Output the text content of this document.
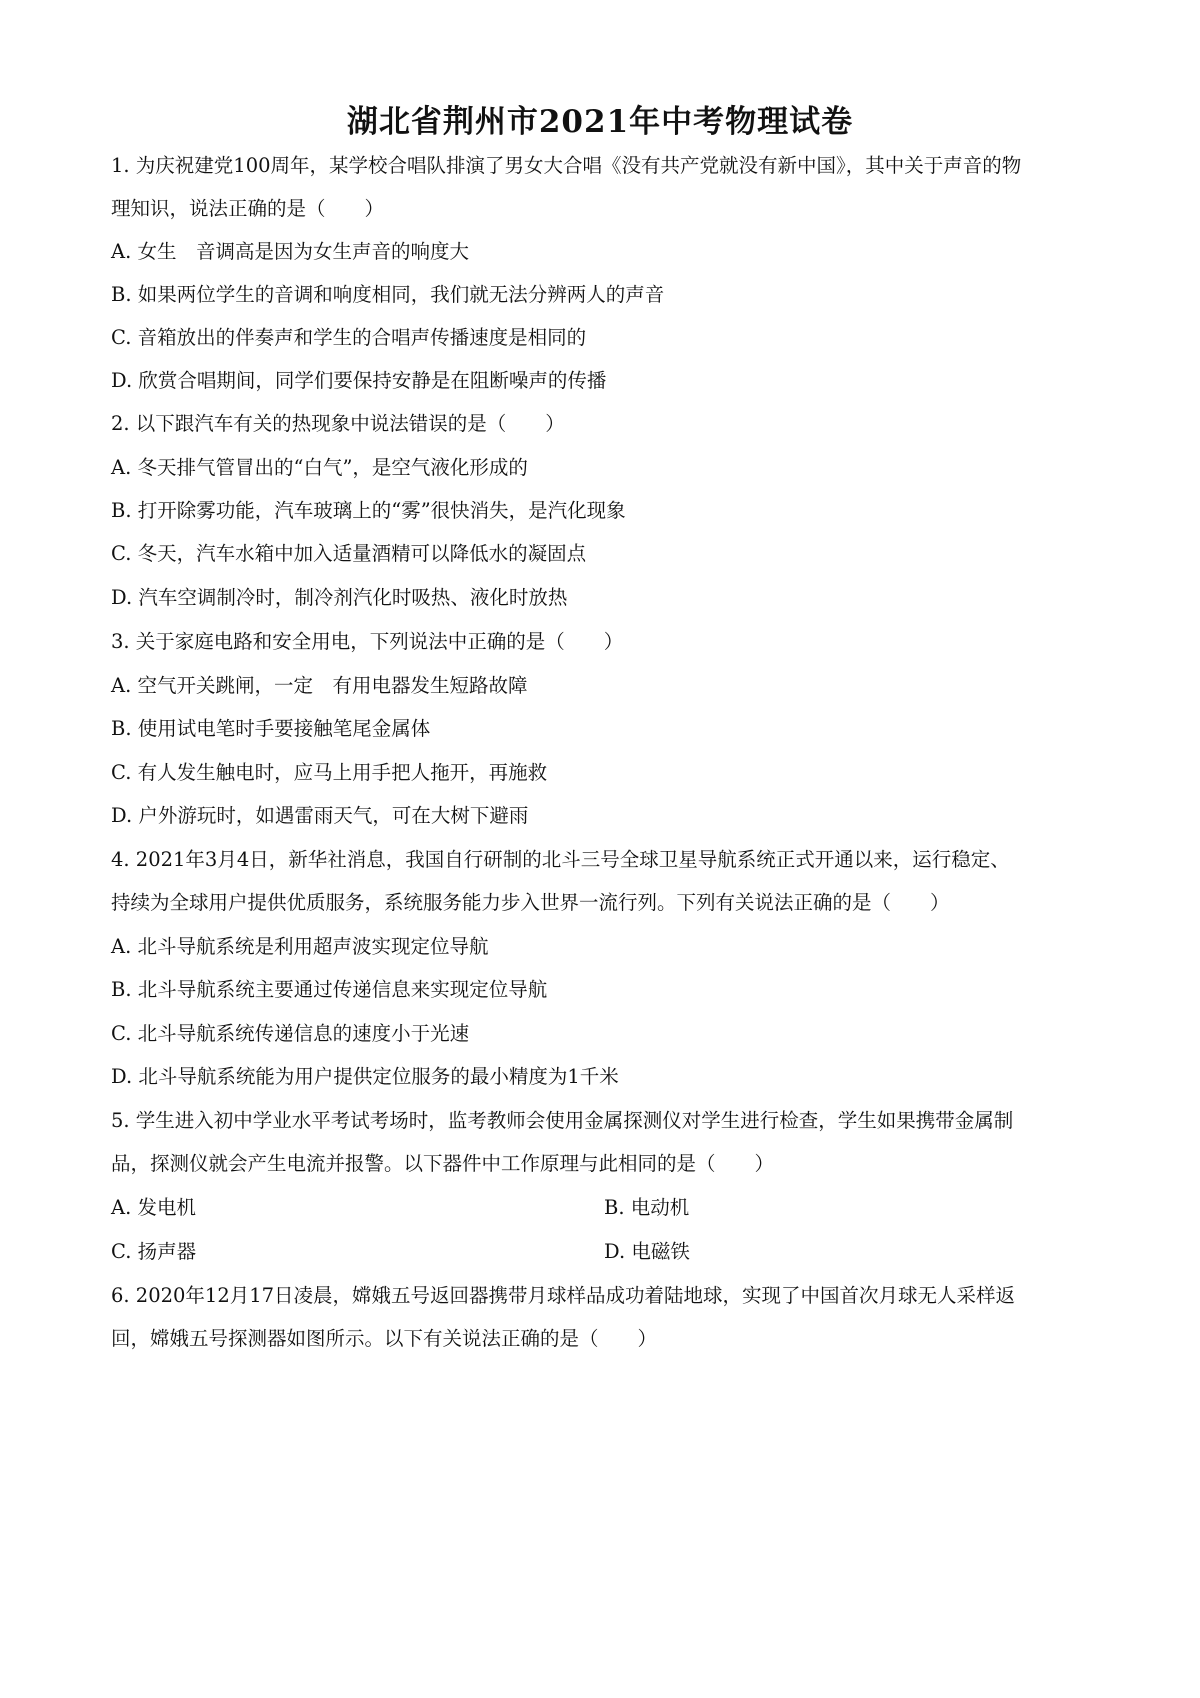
湖北省荆州市2021年中考物理试卷
1. 为庆祝建党100周年，某学校合唱队排演了男女大合唱《没有共产党就没有新中国》，其中关于声音的物
理知识，说法正确的是（　　）
A. 女生　音调高是因为女生声音的响度大
B. 如果两位学生的音调和响度相同，我们就无法分辨两人的声音
C. 音箱放出的伴奏声和学生的合唱声传播速度是相同的
D. 欣赏合唱期间，同学们要保持安静是在阻断噪声的传播
2. 以下跟汽车有关的热现象中说法错误的是（　　）
A. 冬天排气管冒出的“白气”，是空气液化形成的
B. 打开除雾功能，汽车玻璃上的“雾”很快消失，是汽化现象
C. 冬天，汽车水箱中加入适量酒精可以降低水的凝固点
D. 汽车空调制冷时，制冷剂汽化时吸热、液化时放热
3. 关于家庭电路和安全用电，下列说法中正确的是（　　）
A. 空气开关跳闸，一定　有用电器发生短路故障
B. 使用试电笔时手要接触笔尾金属体
C. 有人发生触电时，应马上用手把人拖开，再施救
D. 户外游玩时，如遇雷雨天气，可在大树下避雨
4. 2021年3月4日，新华社消息，我国自行研制的北斗三号全球卫星导航系统正式开通以来，运行稳定、
持续为全球用户提供优质服务，系统服务能力步入世界一流行列。下列有关说法正确的是（　　）
A. 北斗导航系统是利用超声波实现定位导航
B. 北斗导航系统主要通过传递信息来实现定位导航
C. 北斗导航系统传递信息的速度小于光速
D. 北斗导航系统能为用户提供定位服务的最小精度为1千米
5. 学生进入初中学业水平考试考场时，监考教师会使用金属探测仪对学生进行检查，学生如果携带金属制
品，探测仪就会产生电流并报警。以下器件中工作原理与此相同的是（　　）
A. 发电机	B. 电动机
C. 扬声器	D. 电磁铁
6. 2020年12月17日凌晨，嫦娥五号返回器携带月球样品成功着陆地球，实现了中国首次月球无人采样返
回，嫦娥五号探测器如图所示。以下有关说法正确的是（　　）
